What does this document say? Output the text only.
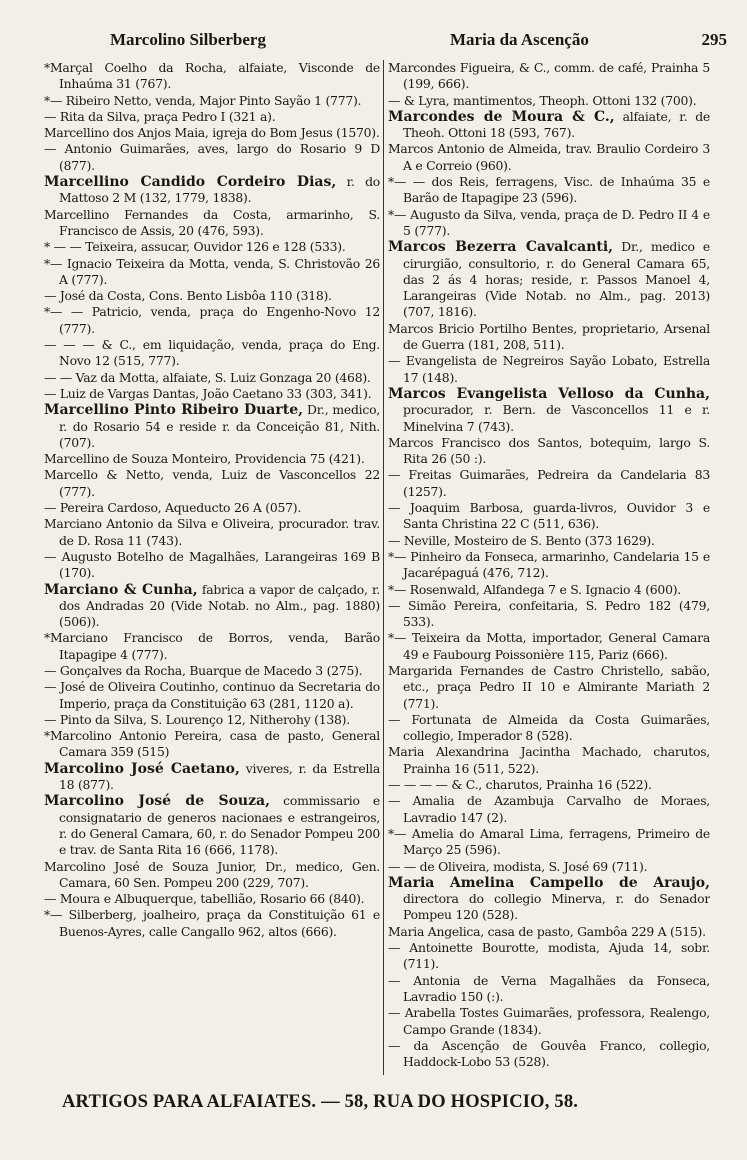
Marcolino Silberberg	Maria da Ascenção	295

*Marçal Coelho da Rocha, alfaiate, Visconde de Inhaúma 31 (767).

*— Ribeiro Netto, venda, Major Pinto Sayão 1 (777).

— Rita da Silva, praça Pedro I (321 a).

Marcellino dos Anjos Maia, igreja do Bom Jesus (1570).

— Antonio Guimarães, aves, largo do Rosario 9 D (877).

Marcellino Candido Cordeiro Dias, r. do Mattoso 2 M (132, 1779, 1838).

Marcellino Fernandes da Costa, armarinho, S. Francisco de Assis, 20 (476, 593).

* — — Teixeira, assucar, Ouvidor 126 e 128 (533).

*— Ignacio Teixeira da Motta, venda, S. Christovão 26 A (777).

— José da Costa, Cons. Bento Lisbôa 110 (318).

*— — Patricio, venda, praça do Engenho-Novo 12 (777).

— — — & C., em liquidação, venda, praça do Eng. Novo 12 (515, 777).

— — Vaz da Motta, alfaiate, S. Luiz Gonzaga 20 (468).

— Luiz de Vargas Dantas, João Caetano 33 (303, 341).

Marcellino Pinto Ribeiro Duarte, Dr., medico, r. do Rosario 54 e reside r. da Conceição 81, Nith. (707).

Marcellino de Souza Monteiro, Providencia 75 (421).

Marcello & Netto, venda, Luiz de Vasconcellos 22 (777).

— Pereira Cardoso, Aqueducto 26 A (057).

Marciano Antonio da Silva e Oliveira, procurador. trav. de D. Rosa 11 (743).

— Augusto Botelho de Magalhães, Larangeiras 169 B (170).

Marciano & Cunha, fabrica a vapor de calçado, r. dos Andradas 20 (Vide Notab. no Alm., pag. 1880) (506)).

*Marciano Francisco de Borros, venda, Barão Itapagipe 4 (777).

— Gonçalves da Rocha, Buarque de Macedo 3 (275).

— José de Oliveira Coutinho, continuo da Secretaria do Imperio, praça da Constituição 63 (281, 1120 a).

— Pinto da Silva, S. Lourenço 12, Nitherohy (138).

*Marcolino Antonio Pereira, casa de pasto, General Camara 359 (515)

Marcolino José Caetano, viveres, r. da Estrella 18 (877).

Marcolino José de Souza, commissario e consignatario de generos nacionaes e estrangeiros, r. do General Camara, 60, r. do Senador Pompeu 200 e trav. de Santa Rita 16 (666, 1178).

Marcolino José de Souza Junior, Dr., medico, Gen. Camara, 60 Sen. Pompeu 200 (229, 707).

— Moura e Albuquerque, tabellião, Rosario 66 (840).

*— Silberberg, joalheiro, praça da Constituição 61 e Buenos-Ayres, calle Cangallo 962, altos (666).

Marcondes Figueira, & C., comm. de café, Prainha 5 (199, 666).

— & Lyra, mantimentos, Theoph. Ottoni 132 (700).

Marcondes de Moura & C., alfaiate, r. de Theoh. Ottoni 18 (593, 767).

Marcos Antonio de Almeida, trav. Braulio Cordeiro 3 A e Correio (960).

*— — dos Reis, ferragens, Visc. de Inhaúma 35 e Barão de Itapagipe 23 (596).

*— Augusto da Silva, venda, praça de D. Pedro II 4 e 5 (777).

Marcos Bezerra Cavalcanti, Dr., medico e cirurgião, consultorio, r. do General Camara 65, das 2 ás 4 horas; reside, r. Passos Manoel 4, Larangeiras (Vide Notab. no Alm., pag. 2013) (707, 1816).

Marcos Bricio Portilho Bentes, proprietario, Arsenal de Guerra (181, 208, 511).

— Evangelista de Negreiros Sayão Lobato, Estrella 17 (148).

Marcos Evangelista Velloso da Cunha, procurador, r. Bern. de Vasconcellos 11 e r. Minelvina 7 (743).

Marcos Francisco dos Santos, botequim, largo S. Rita 26 (50 :).

— Freitas Guimarães, Pedreira da Candelaria 83 (1257).

— Joaquim Barbosa, guarda-livros, Ouvidor 3 e Santa Christina 22 C (511, 636).

— Neville, Mosteiro de S. Bento (373 1629).

*— Pinheiro da Fonseca, armarinho, Candelaria 15 e Jacarépaguá (476, 712).

*— Rosenwald, Alfandega 7 e S. Ignacio 4 (600).

— Simão Pereira, confeitaria, S. Pedro 182 (479, 533).

*— Teixeira da Motta, importador, General Camara 49 e Faubourg Poissonière 115, Pariz (666).

Margarida Fernandes de Castro Christello, sabão, etc., praça Pedro II 10 e Almirante Mariath 2 (771).

— Fortunata de Almeida da Costa Guimarães, collegio, Imperador 8 (528).

Maria Alexandrina Jacintha Machado, charutos, Prainha 16 (511, 522).

— — — — & C., charutos, Prainha 16 (522).

— Amalia de Azambuja Carvalho de Moraes, Lavradio 147 (2).

*— Amelia do Amaral Lima, ferragens, Primeiro de Março 25 (596).

— — de Oliveira, modista, S. José 69 (711).

Maria Amelina Campello de Araujo, directora do collegio Minerva, r. do Senador Pompeu 120 (528).

Maria Angelica, casa de pasto, Gambôa 229 A (515).

— Antoinette Bourotte, modista, Ajuda 14, sobr. (711).

— Antonia de Verna Magalhães da Fonseca, Lavradio 150 (:).

— Arabella Tostes Guimarães, professora, Realengo, Campo Grande (1834).

— da Ascenção de Gouvêa Franco, collegio, Haddock-Lobo 53 (528).

ARTIGOS PARA ALFAIATES. — 58, RUA DO HOSPICIO, 58.
